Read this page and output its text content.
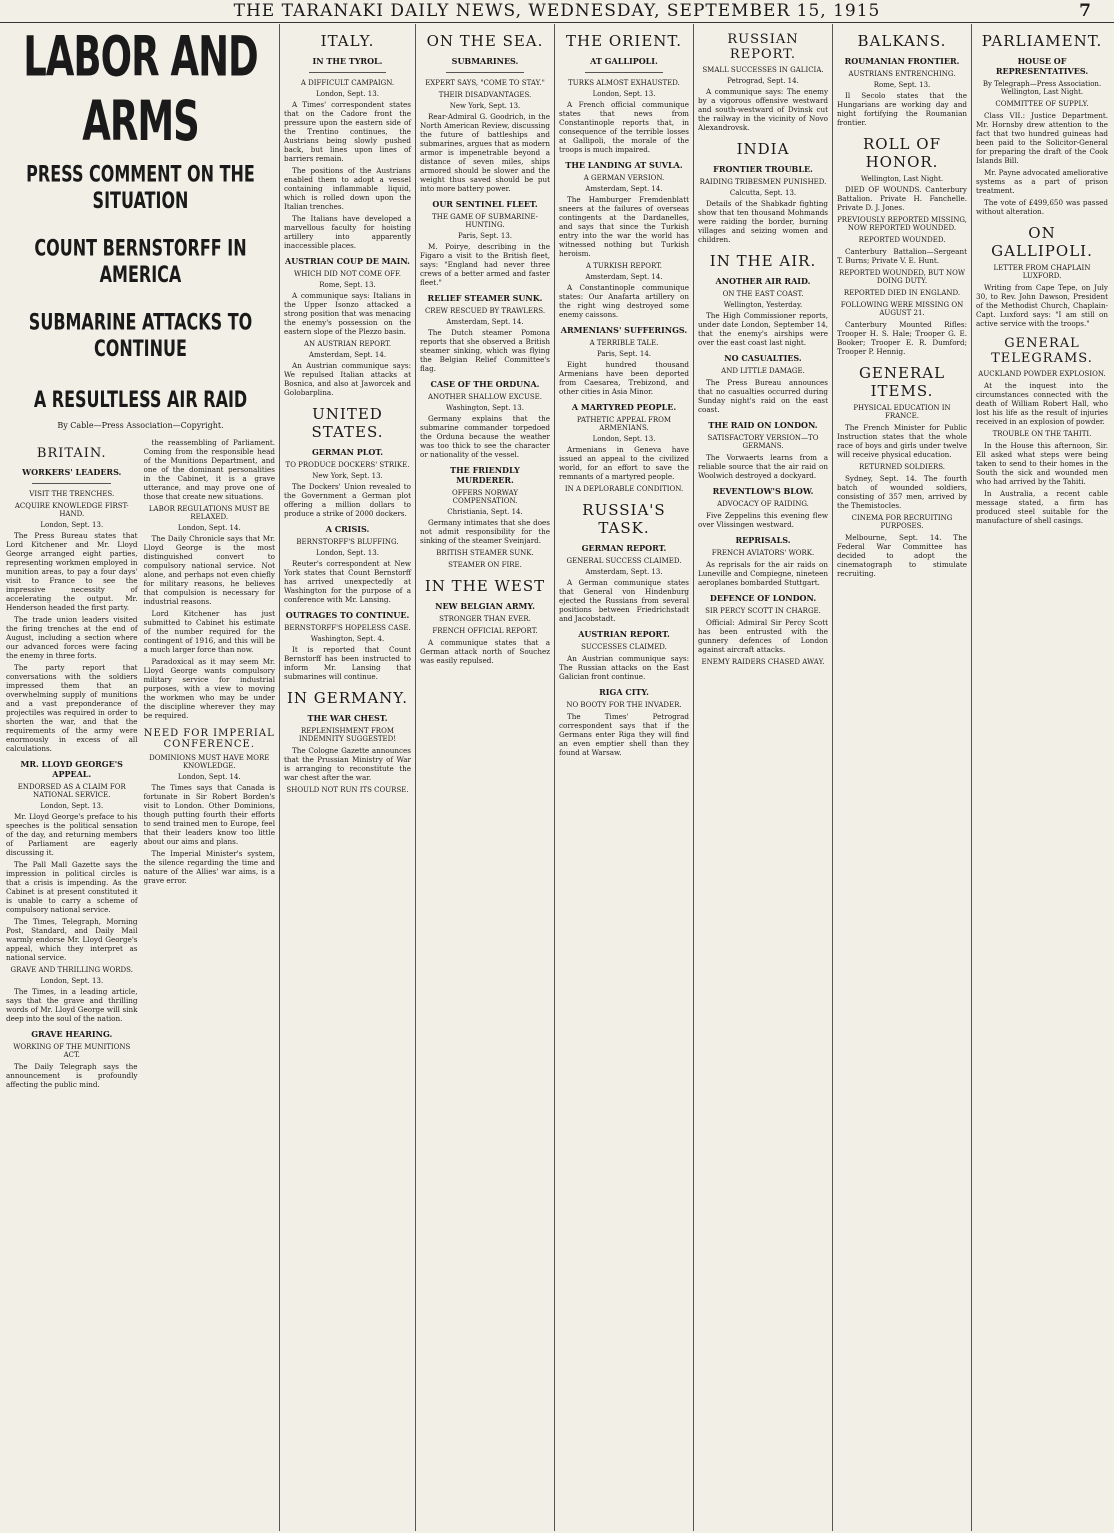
THE TARANAKI DAILY NEWS, WEDNESDAY, SEPTEMBER 15, 1915	7
LABOR AND ARMS
PRESS COMMENT ON THE SITUATION
COUNT BERNSTORFF IN AMERICA
SUBMARINE ATTACKS TO CONTINUE
A RESULTLESS AIR RAID
By Cable—Press Association—Copyright.
BRITAIN.
WORKERS' LEADERS.
VISIT THE TRENCHES.
ACQUIRE KNOWLEDGE FIRST-HAND.
London, Sept. 13.

The Press Bureau states that Lord Kitchener and Mr. Lloyd George arranged eight parties, representing workmen employed in munition areas, to pay a four days' visit to France to see the impressive necessity of accelerating the output. Mr. Henderson headed the first party.

The trade union leaders visited the firing trenches at the end of August, including a section where our advanced forces were facing the enemy in three forts.

The party report that conversations with the soldiers impressed them that an overwhelming supply of munitions and a vast preponderance of projectiles was required in order to shorten the war, and that the requirements of the army were enormously in excess of all calculations.

MR. LLOYD GEORGE'S APPEAL.
ENDORSED AS A CLAIM FOR NATIONAL SERVICE.
London, Sept. 13.

Mr. Lloyd George's preface to his speeches is the political sensation of the day, and returning members of Parliament are eagerly discussing it.

The Pall Mall Gazette says the impression in political circles is that a crisis is impending. As the Cabinet is at present constituted it is unable to carry a scheme of compulsory national service.

The Times, Telegraph, Morning Post, Standard, and Daily Mail warmly endorse Mr. Lloyd George's appeal, which they interpret as national service.

GRAVE AND THRILLING WORDS.
London, Sept. 13.

The Times, in a leading article, says that the grave and thrilling words of Mr. Lloyd George will sink deep into the soul of the nation.

GRAVE HEARING.
WORKING OF THE MUNITIONS ACT.

The Daily Telegraph says the announcement is profoundly affecting the public mind.

the reassembling of Parliament. Coming from the responsible head of the Munitions Department, and one of the dominant personalities in the Cabinet, it is a grave utterance, and may prove one of those that create new situations.

LABOR REGULATIONS MUST BE RELAXED.
London, Sept. 14.

The Daily Chronicle says that Mr. Lloyd George is the most distinguished convert to compulsory national service. Not alone, and perhaps not even chiefly for military reasons, he believes that compulsion is necessary for industrial reasons.

Lord Kitchener has just submitted to Cabinet his estimate of the number required for the contingent of 1916, and this will be a much larger force than now.

Paradoxical as it may seem Mr. Lloyd George wants compulsory military service for industrial purposes, with a view to moving the workmen who may be under the discipline wherever they may be required.

NEED FOR IMPERIAL CONFERENCE.
DOMINIONS MUST HAVE MORE KNOWLEDGE.
London, Sept. 14.

The Times says that Canada is fortunate in Sir Robert Borden's visit to London. Other Dominions, though putting fourth their efforts to send trained men to Europe, feel that their leaders know too little about our aims and plans.

The Imperial Minister's system, the silence regarding the time and nature of the Allies' war aims, is a grave error.

ITALY.
IN THE TYROL.
A DIFFICULT CAMPAIGN.
London, Sept. 13.

A Times' correspondent states that on the Cadore front the pressure upon the eastern side of the Trentino continues, the Austrians being slowly pushed back, but lines upon lines of barriers remain.

The positions of the Austrians enabled them to adopt a vessel containing inflammable liquid, which is rolled down upon the Italian trenches.

The Italians have developed a marvellous faculty for hoisting artillery into apparently inaccessible places.

AUSTRIAN COUP DE MAIN.
WHICH DID NOT COME OFF.
Rome, Sept. 13.

A communique says: Italians in the Upper Isonzo attacked a strong position that was menacing the enemy's possession on the eastern slope of the Plezzo basin.

AN AUSTRIAN REPORT.
Amsterdam, Sept. 14.

An Austrian communique says: We repulsed Italian attacks at Bosnica, and also at Jaworcek and Golobarplina.

UNITED STATES.
GERMAN PLOT.
TO PRODUCE DOCKERS' STRIKE.
New York, Sept. 13.

The Dockers' Union revealed to the Government a German plot offering a million dollars to produce a strike of 2000 dockers.

A CRISIS.
BERNSTORFF'S BLUFFING.
London, Sept. 13.

Reuter's correspondent at New York states that Count Bernstorff has arrived unexpectedly at Washington for the purpose of a conference with Mr. Lansing.

OUTRAGES TO CONTINUE.
BERNSTORFF'S HOPELESS CASE.
Washington, Sept. 4.

It is reported that Count Bernstorff has been instructed to inform Mr. Lansing that submarines will continue.

IN GERMANY.
THE WAR CHEST.
REPLENISHMENT FROM INDEMNITY SUGGESTED!

The Cologne Gazette announces that the Prussian Ministry of War is arranging to reconstitute the war chest after the war.

SHOULD NOT RUN ITS COURSE.
ON THE SEA.
SUBMARINES.
EXPERT SAYS, "COME TO STAY."
THEIR DISADVANTAGES.
New York, Sept. 13.

Rear-Admiral G. Goodrich, in the North American Review, discussing the future of battleships and submarines, argues that as modern armor is impenetrable beyond a distance of seven miles, ships armored should be slower and the weight thus saved should be put into more battery power.

OUR SENTINEL FLEET.
THE GAME OF SUBMARINE-HUNTING.
Paris, Sept. 13.

M. Poirye, describing in the Figaro a visit to the British fleet, says: "England had never three crews of a better armed and faster fleet."

RELIEF STEAMER SUNK.
CREW RESCUED BY TRAWLERS.
Amsterdam, Sept. 14.

The Dutch steamer Pomona reports that she observed a British steamer sinking, which was flying the Belgian Relief Committee's flag.

CASE OF THE ORDUNA.
ANOTHER SHALLOW EXCUSE.
Washington, Sept. 13.

Germany explains that the submarine commander torpedoed the Orduna because the weather was too thick to see the character or nationality of the vessel.

THE FRIENDLY MURDERER.
OFFERS NORWAY COMPENSATION.
Christiania, Sept. 14.

Germany intimates that she does not admit responsibility for the sinking of the steamer Sveinjard.

BRITISH STEAMER SUNK.
STEAMER ON FIRE.
IN THE WEST
NEW BELGIAN ARMY.
STRONGER THAN EVER.
FRENCH OFFICIAL REPORT.

A communique states that a German attack north of Souchez was easily repulsed.

THE ORIENT.
AT GALLIPOLI.
TURKS ALMOST EXHAUSTED.
London, Sept. 13.

A French official communique states that news from Constantinople reports that, in consequence of the terrible losses at Gallipoli, the morale of the troops is much impaired.

THE LANDING AT SUVLA.
A GERMAN VERSION.
Amsterdam, Sept. 14.

The Hamburger Fremdenblatt sneers at the failures of overseas contingents at the Dardanelles, and says that since the Turkish entry into the war the world has witnessed nothing but Turkish heroism.

A TURKISH REPORT.
Amsterdam, Sept. 14.

A Constantinople communique states: Our Anafarta artillery on the right wing destroyed some enemy caissons.

ARMENIANS' SUFFERINGS.
A TERRIBLE TALE.
Paris, Sept. 14.

Eight hundred thousand Armenians have been deported from Caesarea, Trebizond, and other cities in Asia Minor.

A MARTYRED PEOPLE.
PATHETIC APPEAL FROM ARMENIANS.
London, Sept. 13.

Armenians in Geneva have issued an appeal to the civilized world, for an effort to save the remnants of a martyred people.

IN A DEPLORABLE CONDITION.
RUSSIA'S TASK.
GERMAN REPORT.
GENERAL SUCCESS CLAIMED.
Amsterdam, Sept. 13.

A German communique states that General von Hindenburg ejected the Russians from several positions between Friedrichstadt and Jacobstadt.

AUSTRIAN REPORT.
SUCCESSES CLAIMED.

An Austrian communique says: The Russian attacks on the East Galician front continue.

RIGA CITY.
NO BOOTY FOR THE INVADER.

The Times' Petrograd correspondent says that if the Germans enter Riga they will find an even emptier shell than they found at Warsaw.

RUSSIAN REPORT.
SMALL SUCCESSES IN GALICIA.
Petrograd, Sept. 14.

A communique says: The enemy by a vigorous offensive westward and south-westward of Dvinsk cut the railway in the vicinity of Novo Alexandrovsk.

INDIA
FRONTIER TROUBLE.
RAIDING TRIBESMEN PUNISHED.
Calcutta, Sept. 13.

Details of the Shabkadr fighting show that ten thousand Mohmands were raiding the border, burning villages and seizing women and children.

IN THE AIR.
ANOTHER AIR RAID.
ON THE EAST COAST.
Wellington, Yesterday.

The High Commissioner reports, under date London, September 14, that the enemy's airships were over the east coast last night.

NO CASUALTIES.
AND LITTLE DAMAGE.

The Press Bureau announces that no casualties occurred during Sunday night's raid on the east coast.

THE RAID ON LONDON.
SATISFACTORY VERSION—TO GERMANS.

The Vorwaerts learns from a reliable source that the air raid on Woolwich destroyed a dockyard.

REVENTLOW'S BLOW.
ADVOCACY OF RAIDING.

Five Zeppelins this evening flew over Vlissingen westward.

REPRISALS.
FRENCH AVIATORS' WORK.

As reprisals for the air raids on Luneville and Compiegne, nineteen aeroplanes bombarded Stuttgart.

DEFENCE OF LONDON.
SIR PERCY SCOTT IN CHARGE.

Official: Admiral Sir Percy Scott has been entrusted with the gunnery defences of London against aircraft attacks.

ENEMY RAIDERS CHASED AWAY.
BALKANS.
ROUMANIAN FRONTIER.
AUSTRIANS ENTRENCHING.
Rome, Sept. 13.

Il Secolo states that the Hungarians are working day and night fortifying the Roumanian frontier.

ROLL OF HONOR.
Wellington, Last Night.

DIED OF WOUNDS. Canterbury Battalion. Private H. Fanchelle. Private D. J. Jones.

PREVIOUSLY REPORTED MISSING, NOW REPORTED WOUNDED.
REPORTED WOUNDED.

Canterbury Battalion—Sergeant T. Burns; Private V. E. Hunt.

REPORTED WOUNDED, BUT NOW DOING DUTY.
REPORTED DIED IN ENGLAND.
FOLLOWING WERE MISSING ON AUGUST 21.

Canterbury Mounted Rifles: Trooper H. S. Hale; Trooper G. E. Booker; Trooper E. R. Dumford; Trooper P. Hennig.

GENERAL ITEMS.
PHYSICAL EDUCATION IN FRANCE.

The French Minister for Public Instruction states that the whole race of boys and girls under twelve will receive physical education.

RETURNED SOLDIERS.

Sydney, Sept. 14. The fourth batch of wounded soldiers, consisting of 357 men, arrived by the Themistocles.

CINEMA FOR RECRUITING PURPOSES.

Melbourne, Sept. 14. The Federal War Committee has decided to adopt the cinematograph to stimulate recruiting.

PARLIAMENT.
HOUSE OF REPRESENTATIVES.
By Telegraph—Press Association. Wellington, Last Night.
COMMITTEE OF SUPPLY.

Class VII.: Justice Department. Mr. Hornsby drew attention to the fact that two hundred guineas had been paid to the Solicitor-General for preparing the draft of the Cook Islands Bill.

Mr. Payne advocated ameliorative systems as a part of prison treatment.

The vote of £499,650 was passed without alteration.

ON GALLIPOLI.
LETTER FROM CHAPLAIN LUXFORD.

Writing from Cape Tepe, on July 30, to Rev. John Dawson, President of the Methodist Church, Chaplain-Capt. Luxford says: "I am still on active service with the troops."

GENERAL TELEGRAMS.
AUCKLAND POWDER EXPLOSION.

At the inquest into the circumstances connected with the death of William Robert Hall, who lost his life as the result of injuries received in an explosion of powder.

TROUBLE ON THE TAHITI.

In the House this afternoon, Sir. Ell asked what steps were being taken to send to their homes in the South the sick and wounded men who had arrived by the Tahiti.

In Australia, a recent cable message stated, a firm has produced steel suitable for the manufacture of shell casings.
